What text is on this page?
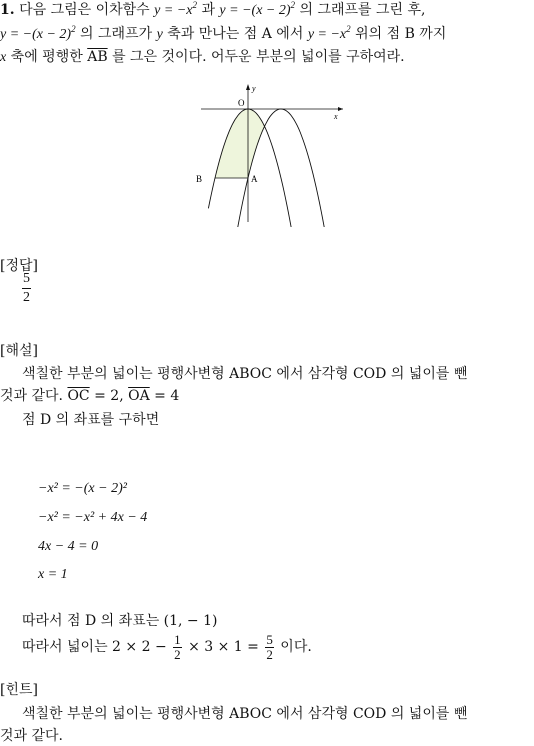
1. 다음 그림은 이차함수 $y = -x^2$ 과 $y = -(x - 2)^2$ 의 그래프를 그린 후,
$y = -(x - 2)^2$ 의 그래프가 y 축과 만나는 점 A 에서 $y = -x^2$ 위의 점 B 까지
x 축에 평행한 $\overline{AB}$ 를 그은 것이다. 어두운 부분의 넓이를 구하여라.
y
x
O
A
B
[정답]
$\frac{5}{2}$
[해설]
색칠한 부분의 넓이는 평행사변형 ABOC 에서 삼각형 COD 의 넓이를 뺀
것과 같다. $\overline{OC} = 2$, $\overline{OA} = 4$
점 D 의 좌표를 구하면
−x² = −(x − 2)²
−x² = −x² + 4x − 4
4x − 4 = 0
x = 1
따라서 점 D 의 좌표는 (1, − 1)
따라서 넓이는 $2 \times 2 - \frac{1}{2} \times 3 \times 1 = \frac{5}{2}$ 이다.
[힌트]
색칠한 부분의 넓이는 평행사변형 ABOC 에서 삼각형 COD 의 넓이를 뺀
것과 같다.
